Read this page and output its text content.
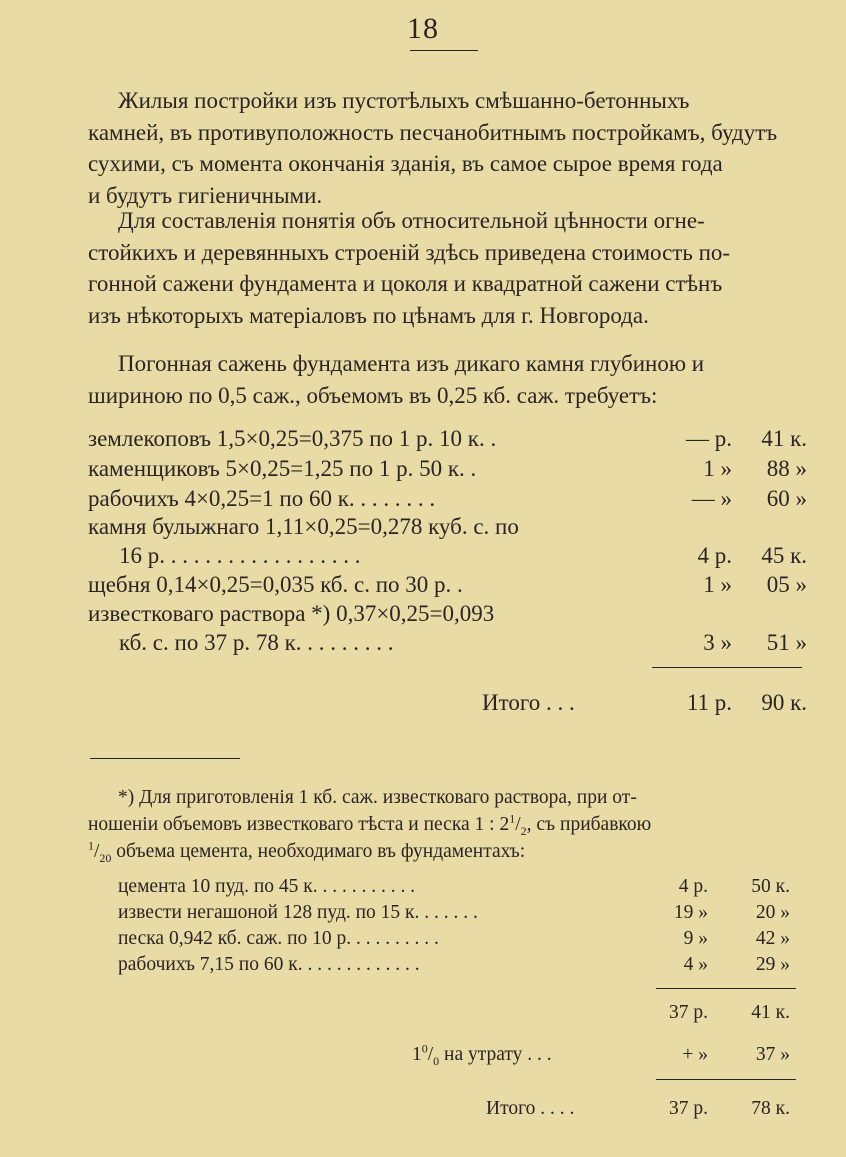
18

Жилыя постройки изъ пустотѣлыхъ смѣшанно-бетонныхъ
камней, въ противуположность песчанобитнымъ постройкамъ, будутъ
сухими, съ момента окончанія зданія, въ самое сырое время года
и будутъ гигіеничными.

Для составленія понятія объ относительной цѣнности огне-
стойкихъ и деревянныхъ строеній здѣсь приведена стоимость по-
гонной сажени фундамента и цоколя и квадратной сажени стѣнъ
изъ нѣкоторыхъ матеріаловъ по цѣнамъ для г. Новгорода.

Погонная сажень фундамента изъ дикаго камня глубиною и
шириною по 0,5 саж., объемомъ въ 0,25 кб. саж. требуетъ:

землекоповъ 1,5×0,25=0,375 по 1 р. 10 к. .	— р.	41 к.
каменщиковъ 5×0,25=1,25 по 1 р. 50 к. .	1 »	88 »
рабочихъ 4×0,25=1 по 60 к. . . . . . . .	— »	60 »
камня булыжнаго 1,11×0,25=0,278 куб. с. по
16 р. . . . . . . . . . . . . . . . . .	4 р.	45 к.
щебня 0,14×0,25=0,035 кб. с. по 30 р. .	1 »	05 »
известковаго раствора *) 0,37×0,25=0,093
кб. с. по 37 р. 78 к. . . . . . . . .	3 »	51 »
Итого . . .	11 р.	90 к.

*) Для приготовленія 1 кб. саж. известковаго раствора, при от-
ношеніи объемовъ известковаго тѣста и песка 1 : $2^1/_2$, съ прибавкою
$^1/_{20}$ объема цемента, необходимаго въ фундаментахъ:

цемента 10 пуд. по 45 к. . . . . . . . . . .	4 р.	50 к.
извести негашоной 128 пуд. по 15 к. . . . . . .	19 »	20 »
песка 0,942 кб. саж. по 10 р. . . . . . . . . .	9 »	42 »
рабочихъ 7,15 по 60 к. . . . . . . . . . . . .	4 »	29 »
37 р.	41 к.
$1^0/_0$ на утрату . . .	+ »	37 »
Итого . . . .	37 р.	78 к.
